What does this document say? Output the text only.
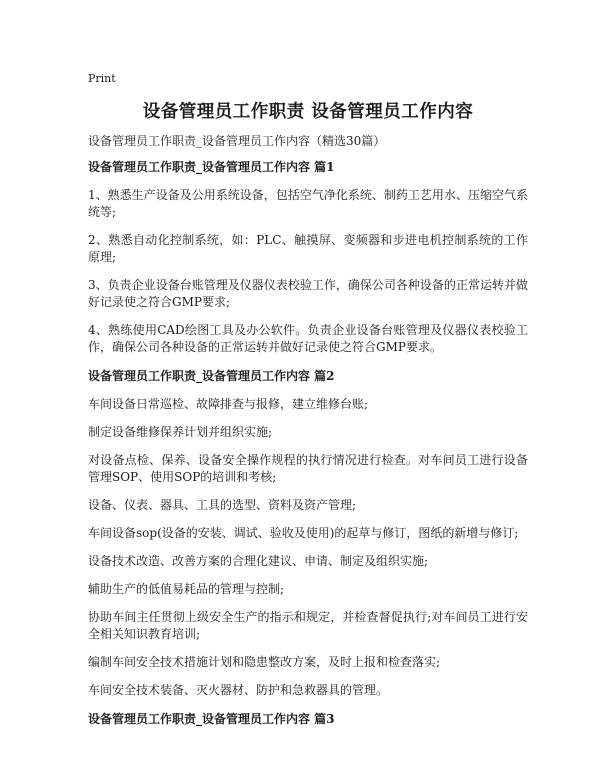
Print
设备管理员工作职责 设备管理员工作内容
设备管理员工作职责_设备管理员工作内容（精选30篇）
设备管理员工作职责_设备管理员工作内容 篇1
1、熟悉生产设备及公用系统设备，包括空气净化系统、制药工艺用水、压缩空气系统等;
2、熟悉自动化控制系统，如：PLC、触摸屏、变频器和步进电机控制系统的工作原理;
3、负责企业设备台账管理及仪器仪表校验工作，确保公司各种设备的正常运转并做好记录使之符合GMP要求;
4、熟练使用CAD绘图工具及办公软件。负责企业设备台账管理及仪器仪表校验工作，确保公司各种设备的正常运转并做好记录使之符合GMP要求。
设备管理员工作职责_设备管理员工作内容 篇2
车间设备日常巡检、故障排查与报修，建立维修台账;
制定设备维修保养计划并组织实施;
对设备点检、保养、设备安全操作规程的执行情况进行检查。对车间员工进行设备管理SOP、使用SOP的培训和考核;
设备、仪表、器具、工具的选型、资料及资产管理;
车间设备sop(设备的安装、调试、验收及使用)的起草与修订，图纸的新增与修订;
设备技术改造、改善方案的合理化建议、申请、制定及组织实施;
辅助生产的低值易耗品的管理与控制;
协助车间主任贯彻上级安全生产的指示和规定，并检查督促执行;对车间员工进行安全相关知识教育培训;
编制车间安全技术措施计划和隐患整改方案，及时上报和检查落实;
车间安全技术装备、灭火器材、防护和急救器具的管理。
设备管理员工作职责_设备管理员工作内容 篇3
